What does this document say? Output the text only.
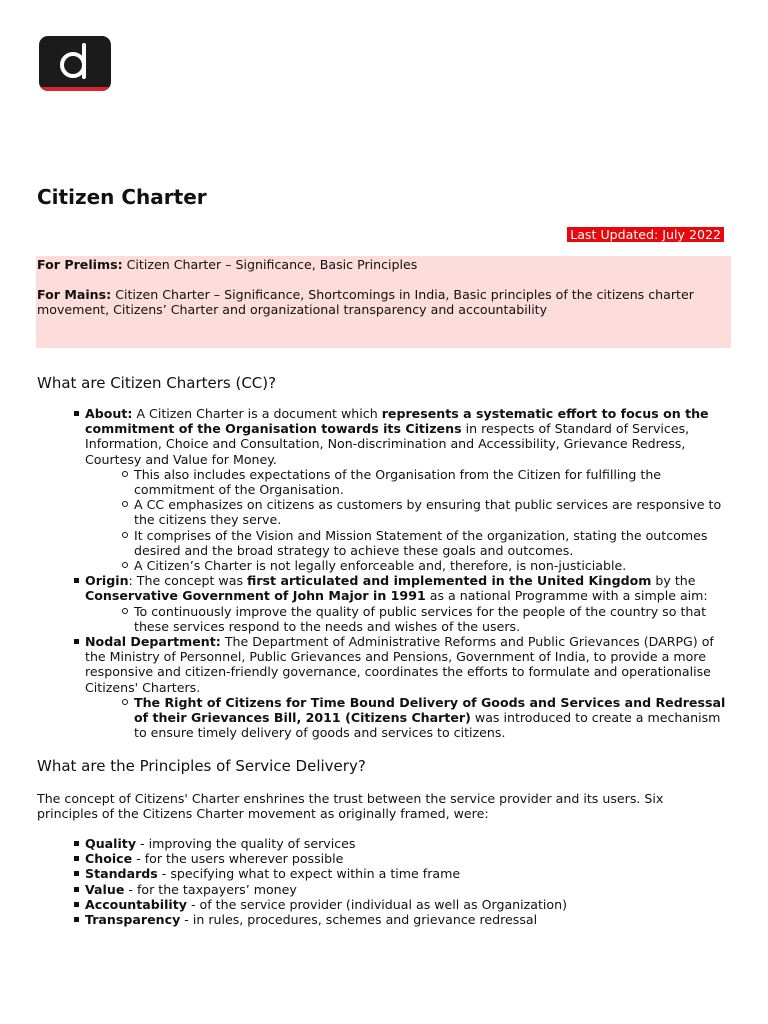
Citizen Charter
Last Updated: July 2022

For Prelims: Citizen Charter – Significance, Basic Principles

For Mains: Citizen Charter – Significance, Shortcomings in India, Basic principles of the citizens charter movement, Citizens’ Charter and organizational transparency and accountability

What are Citizen Charters (CC)?
About: A Citizen Charter is a document which represents a systematic effort to focus on the commitment of the Organisation towards its Citizens in respects of Standard of Services, Information, Choice and Consultation, Non-discrimination and Accessibility, Grievance Redress, Courtesy and Value for Money.
This also includes expectations of the Organisation from the Citizen for fulfilling the commitment of the Organisation.
A CC emphasizes on citizens as customers by ensuring that public services are responsive to the citizens they serve.
It comprises of the Vision and Mission Statement of the organization, stating the outcomes desired and the broad strategy to achieve these goals and outcomes.
A Citizen’s Charter is not legally enforceable and, therefore, is non-justiciable.
Origin: The concept was first articulated and implemented in the United Kingdom by the Conservative Government of John Major in 1991 as a national Programme with a simple aim:
To continuously improve the quality of public services for the people of the country so that these services respond to the needs and wishes of the users.
Nodal Department: The Department of Administrative Reforms and Public Grievances (DARPG) of the Ministry of Personnel, Public Grievances and Pensions, Government of India, to provide a more responsive and citizen-friendly governance, coordinates the efforts to formulate and operationalise Citizens' Charters.
The Right of Citizens for Time Bound Delivery of Goods and Services and Redressal of their Grievances Bill, 2011 (Citizens Charter) was introduced to create a mechanism to ensure timely delivery of goods and services to citizens.
What are the Principles of Service Delivery?

The concept of Citizens' Charter enshrines the trust between the service provider and its users. Six principles of the Citizens Charter movement as originally framed, were:

Quality - improving the quality of services
Choice - for the users wherever possible
Standards - specifying what to expect within a time frame
Value - for the taxpayers’ money
Accountability - of the service provider (individual as well as Organization)
Transparency - in rules, procedures, schemes and grievance redressal
